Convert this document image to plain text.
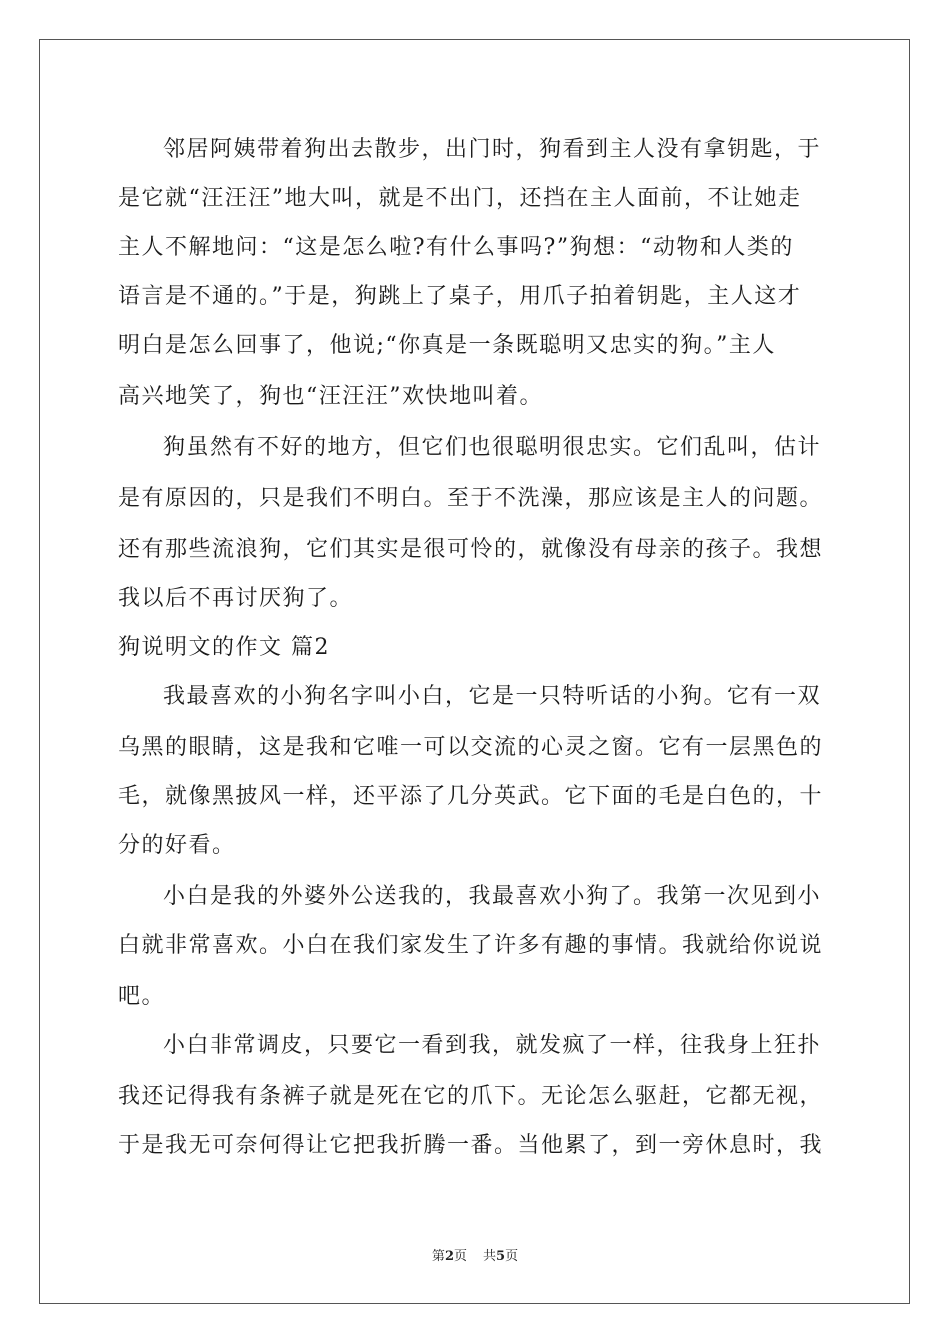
邻居阿姨带着狗出去散步，出门时，狗看到主人没有拿钥匙，于
是它就“汪汪汪”地大叫，就是不出门，还挡在主人面前，不让她走
主人不解地问：“这是怎么啦?有什么事吗?”狗想：“动物和人类的
语言是不通的。”于是，狗跳上了桌子，用爪子拍着钥匙，主人这才
明白是怎么回事了，他说;“你真是一条既聪明又忠实的狗。”主人
高兴地笑了，狗也“汪汪汪”欢快地叫着。
狗虽然有不好的地方，但它们也很聪明很忠实。它们乱叫，估计
是有原因的，只是我们不明白。至于不洗澡，那应该是主人的问题。
还有那些流浪狗，它们其实是很可怜的，就像没有母亲的孩子。我想
我以后不再讨厌狗了。
狗说明文的作文 篇2
我最喜欢的小狗名字叫小白，它是一只特听话的小狗。它有一双
乌黑的眼睛，这是我和它唯一可以交流的心灵之窗。它有一层黑色的
毛，就像黑披风一样，还平添了几分英武。它下面的毛是白色的，十
分的好看。
小白是我的外婆外公送我的，我最喜欢小狗了。我第一次见到小
白就非常喜欢。小白在我们家发生了许多有趣的事情。我就给你说说
吧。
小白非常调皮，只要它一看到我，就发疯了一样，往我身上狂扑
我还记得我有条裤子就是死在它的爪下。无论怎么驱赶，它都无视，
于是我无可奈何得让它把我折腾一番。当他累了，到一旁休息时，我
第2页 共5页
